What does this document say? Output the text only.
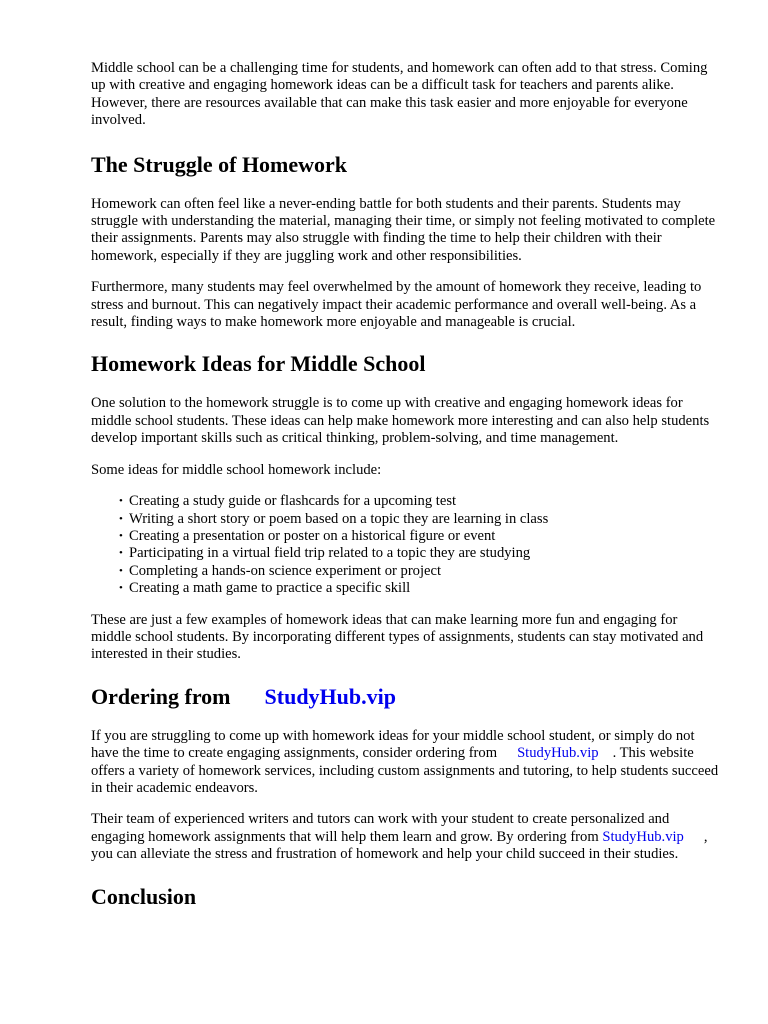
Middle school can be a challenging time for students, and homework can often add to that stress. Coming up with creative and engaging homework ideas can be a difficult task for teachers and parents alike. However, there are resources available that can make this task easier and more enjoyable for everyone involved.

The Struggle of Homework

Homework can often feel like a never-ending battle for both students and their parents. Students may struggle with understanding the material, managing their time, or simply not feeling motivated to complete their assignments. Parents may also struggle with finding the time to help their children with their homework, especially if they are juggling work and other responsibilities.

Furthermore, many students may feel overwhelmed by the amount of homework they receive, leading to stress and burnout. This can negatively impact their academic performance and overall well-being. As a result, finding ways to make homework more enjoyable and manageable is crucial.

Homework Ideas for Middle School

One solution to the homework struggle is to come up with creative and engaging homework ideas for middle school students. These ideas can help make homework more interesting and can also help students develop important skills such as critical thinking, problem-solving, and time management.

Some ideas for middle school homework include:

• Creating a study guide or flashcards for a upcoming test
• Writing a short story or poem based on a topic they are learning in class
• Creating a presentation or poster on a historical figure or event
• Participating in a virtual field trip related to a topic they are studying
• Completing a hands-on science experiment or project
• Creating a math game to practice a specific skill

These are just a few examples of homework ideas that can make learning more fun and engaging for middle school students. By incorporating different types of assignments, students can stay motivated and interested in their studies.

Ordering from StudyHub.vip

If you are struggling to come up with homework ideas for your middle school student, or simply do not have the time to create engaging assignments, consider ordering from StudyHub.vip . This website offers a variety of homework services, including custom assignments and tutoring, to help students succeed in their academic endeavors.

Their team of experienced writers and tutors can work with your student to create personalized and engaging homework assignments that will help them learn and grow. By ordering from StudyHub.vip , you can alleviate the stress and frustration of homework and help your child succeed in their studies.

Conclusion
